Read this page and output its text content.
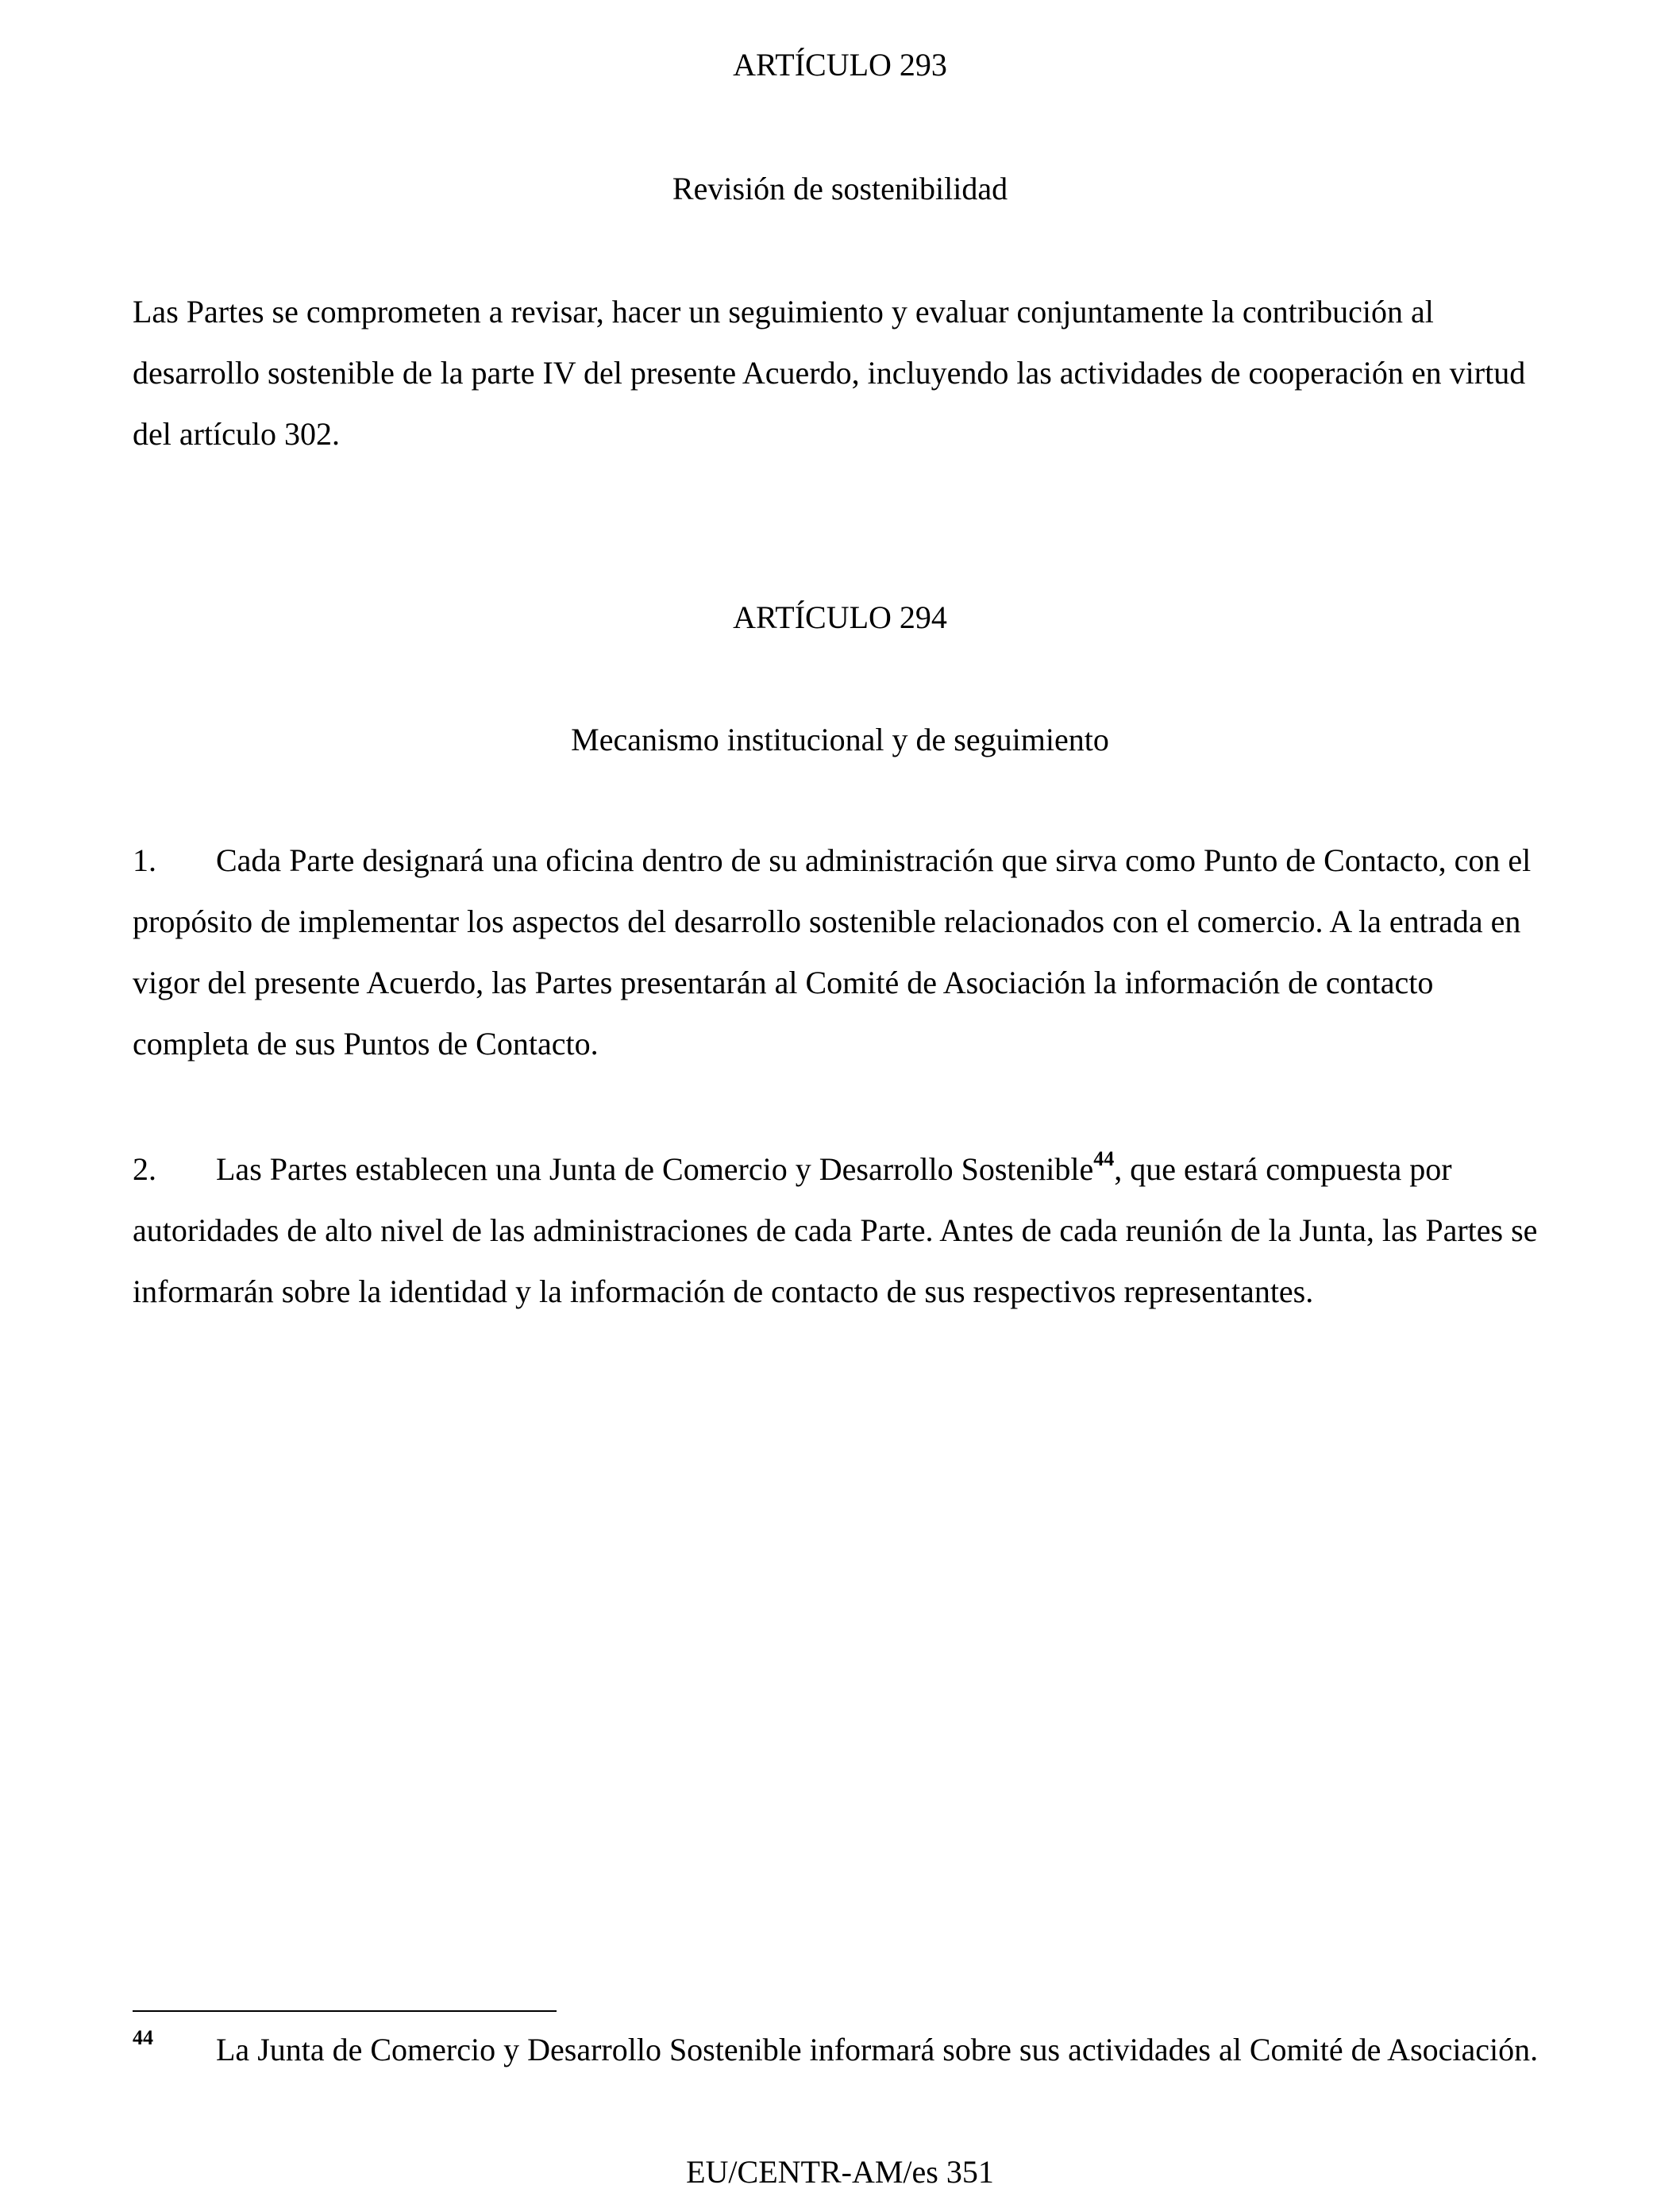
ARTÍCULO 293
Revisión de sostenibilidad

Las Partes se comprometen a revisar, hacer un seguimiento y evaluar conjuntamente la contribución al desarrollo sostenible de la parte IV del presente Acuerdo, incluyendo las actividades de cooperación en virtud del artículo 302.

ARTÍCULO 294
Mecanismo institucional y de seguimiento

1. Cada Parte designará una oficina dentro de su administración que sirva como Punto de Contacto, con el propósito de implementar los aspectos del desarrollo sostenible relacionados con el comercio. A la entrada en vigor del presente Acuerdo, las Partes presentarán al Comité de Asociación la información de contacto completa de sus Puntos de Contacto.

2. Las Partes establecen una Junta de Comercio y Desarrollo Sostenible$^{44}$, que estará compuesta por autoridades de alto nivel de las administraciones de cada Parte. Antes de cada reunión de la Junta, las Partes se informarán sobre la identidad y la información de contacto de sus respectivos representantes.

44 La Junta de Comercio y Desarrollo Sostenible informará sobre sus actividades al Comité de Asociación.

EU/CENTR-AM/es 351
